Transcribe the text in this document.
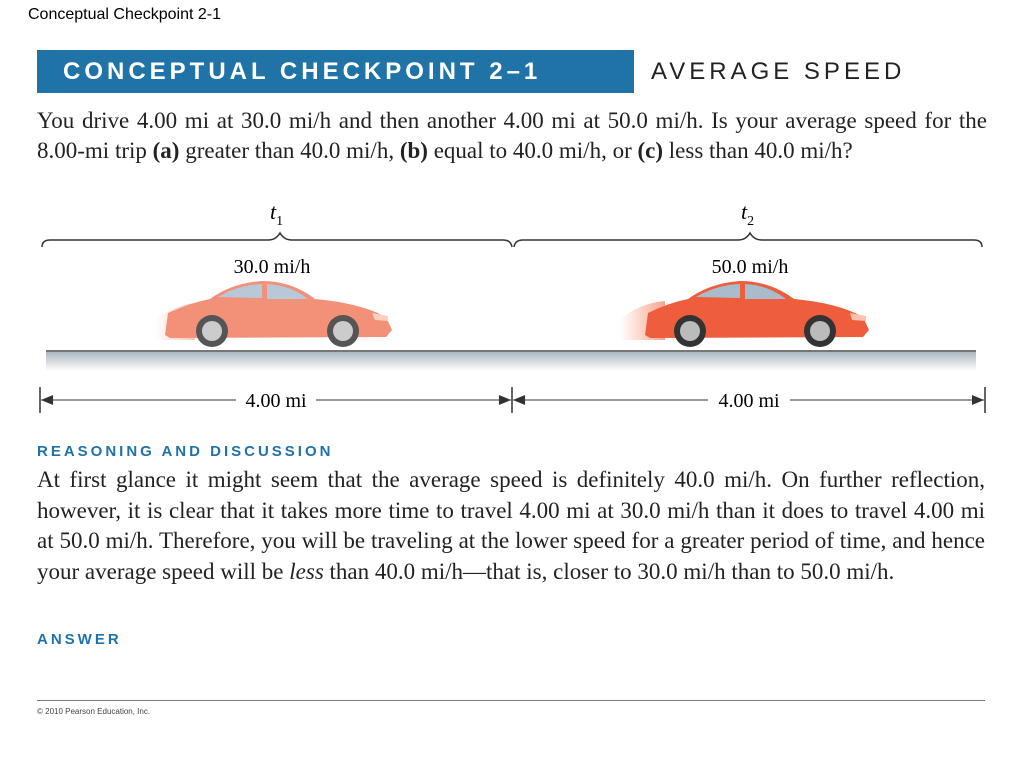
Conceptual Checkpoint 2-1
CONCEPTUAL CHECKPOINT 2–1	AVERAGE SPEED

You drive 4.00 mi at 30.0 mi/h and then another 4.00 mi at 50.0 mi/h. Is your average speed for the 8.00-mi trip (a) greater than 40.0 mi/h, (b) equal to 40.0 mi/h, or (c) less than 40.0 mi/h?

$t_1$	$t_2$
30.0 mi/h	50.0 mi/h
4.00 mi	4.00 mi
REASONING AND DISCUSSION

At first glance it might seem that the average speed is definitely 40.0 mi/h. On further reflection, however, it is clear that it takes more time to travel 4.00 mi at 30.0 mi/h than it does to travel 4.00 mi at 50.0 mi/h. Therefore, you will be traveling at the lower speed for a greater period of time, and hence your average speed will be less than 40.0 mi/h—that is, closer to 30.0 mi/h than to 50.0 mi/h.

ANSWER
© 2010 Pearson Education, Inc.
